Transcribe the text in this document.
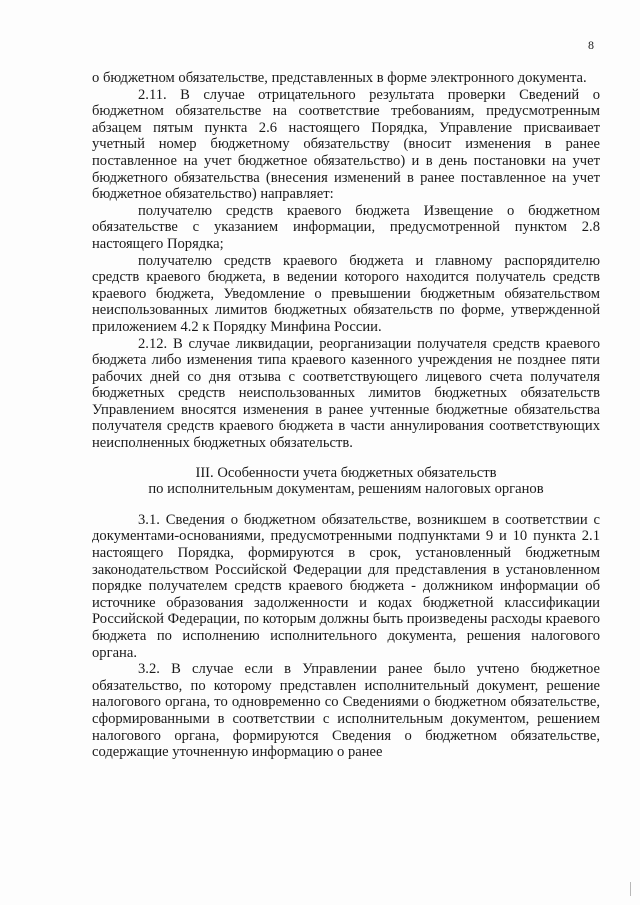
8

о бюджетном обязательстве, представленных в форме электронного документа.

2.11. В случае отрицательного результата проверки Сведений о бюджетном обязательстве на соответствие требованиям, предусмотренным абзацем пятым пункта 2.6 настоящего Порядка, Управление присваивает учетный номер бюджетному обязательству (вносит изменения в ранее поставленное на учет бюджетное обязательство) и в день постановки на учет бюджетного обязательства (внесения изменений в ранее поставленное на учет бюджетное обязательство) направляет:

получателю средств краевого бюджета Извещение о бюджетном обязательстве с указанием информации, предусмотренной пунктом 2.8 настоящего Порядка;

получателю средств краевого бюджета и главному распорядителю средств краевого бюджета, в ведении которого находится получатель средств краевого бюджета, Уведомление о превышении бюджетным обязательством неиспользованных лимитов бюджетных обязательств по форме, утвержденной приложением 4.2 к Порядку Минфина России.

2.12. В случае ликвидации, реорганизации получателя средств краевого бюджета либо изменения типа краевого казенного учреждения не позднее пяти рабочих дней со дня отзыва с соответствующего лицевого счета получателя бюджетных средств неиспользованных лимитов бюджетных обязательств Управлением вносятся изменения в ранее учтенные бюджетные обязательства получателя средств краевого бюджета в части аннулирования соответствующих неисполненных бюджетных обязательств.

III. Особенности учета бюджетных обязательств
по исполнительным документам, решениям налоговых органов

3.1. Сведения о бюджетном обязательстве, возникшем в соответствии с документами-основаниями, предусмотренными подпунктами 9 и 10 пункта 2.1 настоящего Порядка, формируются в срок, установленный бюджетным законодательством Российской Федерации для представления в установленном порядке получателем средств краевого бюджета - должником информации об источнике образования задолженности и кодах бюджетной классификации Российской Федерации, по которым должны быть произведены расходы краевого бюджета по исполнению исполнительного документа, решения налогового органа.

3.2. В случае если в Управлении ранее было учтено бюджетное обязательство, по которому представлен исполнительный документ, решение налогового органа, то одновременно со Сведениями о бюджетном обязательстве, сформированными в соответствии с исполнительным документом, решением налогового органа, формируются Сведения о бюджетном обязательстве, содержащие уточненную информацию о ранее
